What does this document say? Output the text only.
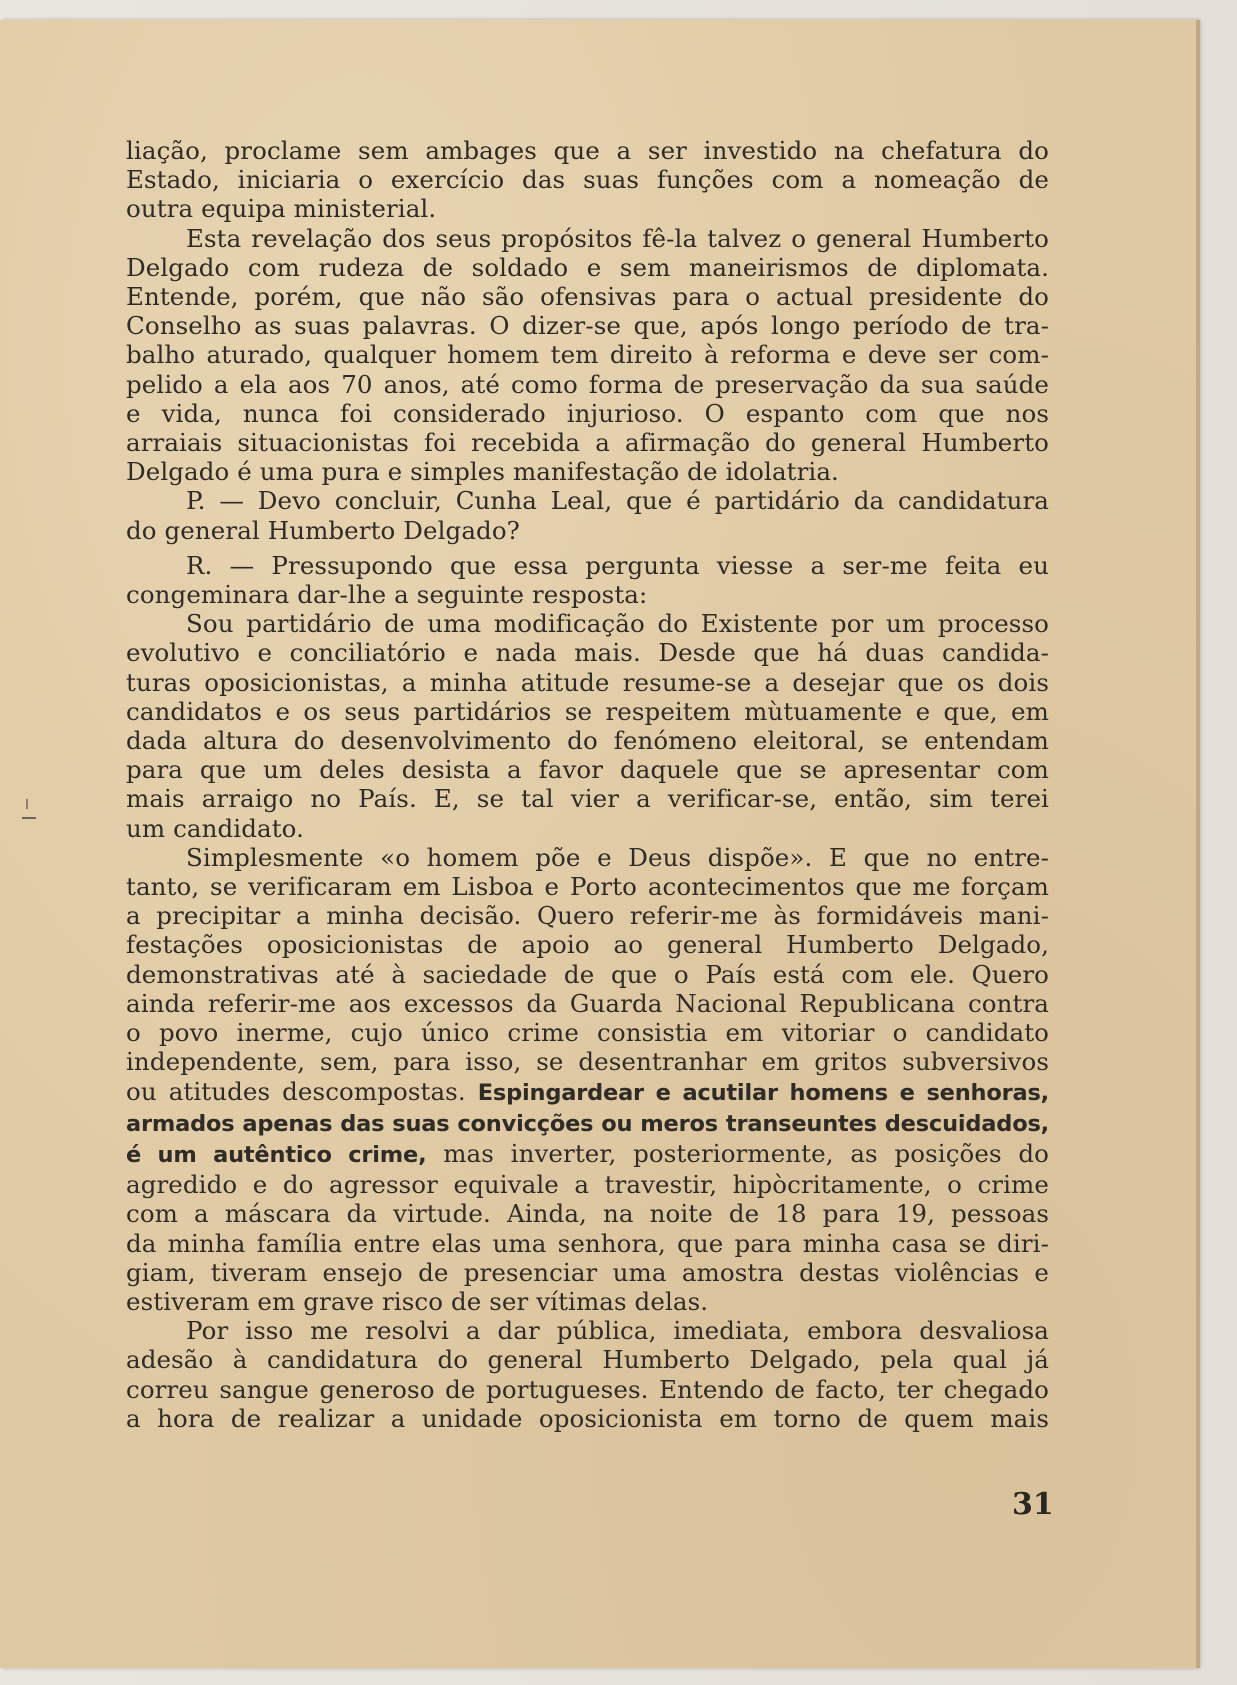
liação, proclame sem ambages que a ser investido na chefatura do
Estado, iniciaria o exercício das suas funções com a nomeação de
outra equipa ministerial.
Esta revelação dos seus propósitos fê-la talvez o general Humberto
Delgado com rudeza de soldado e sem maneirismos de diplomata.
Entende, porém, que não são ofensivas para o actual presidente do
Conselho as suas palavras. O dizer-se que, após longo período de tra-
balho aturado, qualquer homem tem direito à reforma e deve ser com-
pelido a ela aos 70 anos, até como forma de preservação da sua saúde
e vida, nunca foi considerado injurioso. O espanto com que nos
arraiais situacionistas foi recebida a afirmação do general Humberto
Delgado é uma pura e simples manifestação de idolatria.
P. — Devo concluir, Cunha Leal, que é partidário da candidatura
do general Humberto Delgado?
R. — Pressupondo que essa pergunta viesse a ser-me feita eu
congeminara dar-lhe a seguinte resposta:
Sou partidário de uma modificação do Existente por um processo
evolutivo e conciliatório e nada mais. Desde que há duas candida-
turas oposicionistas, a minha atitude resume-se a desejar que os dois
candidatos e os seus partidários se respeitem mùtuamente e que, em
dada altura do desenvolvimento do fenómeno eleitoral, se entendam
para que um deles desista a favor daquele que se apresentar com
mais arraigo no País. E, se tal vier a verificar-se, então, sim terei
um candidato.
Simplesmente «o homem põe e Deus dispõe». E que no entre-
tanto, se verificaram em Lisboa e Porto acontecimentos que me forçam
a precipitar a minha decisão. Quero referir-me às formidáveis mani-
festações oposicionistas de apoio ao general Humberto Delgado,
demonstrativas até à saciedade de que o País está com ele. Quero
ainda referir-me aos excessos da Guarda Nacional Republicana contra
o povo inerme, cujo único crime consistia em vitoriar o candidato
independente, sem, para isso, se desentranhar em gritos subversivos
ou atitudes descompostas. Espingardear e acutilar homens e senhoras,
armados apenas das suas convicções ou meros transeuntes descuidados,
é um autêntico crime, mas inverter, posteriormente, as posições do
agredido e do agressor equivale a travestir, hipòcritamente, o crime
com a máscara da virtude. Ainda, na noite de 18 para 19, pessoas
da minha família entre elas uma senhora, que para minha casa se diri-
giam, tiveram ensejo de presenciar uma amostra destas violências e
estiveram em grave risco de ser vítimas delas.
Por isso me resolvi a dar pública, imediata, embora desvaliosa
adesão à candidatura do general Humberto Delgado, pela qual já
correu sangue generoso de portugueses. Entendo de facto, ter chegado
a hora de realizar a unidade oposicionista em torno de quem mais
31
